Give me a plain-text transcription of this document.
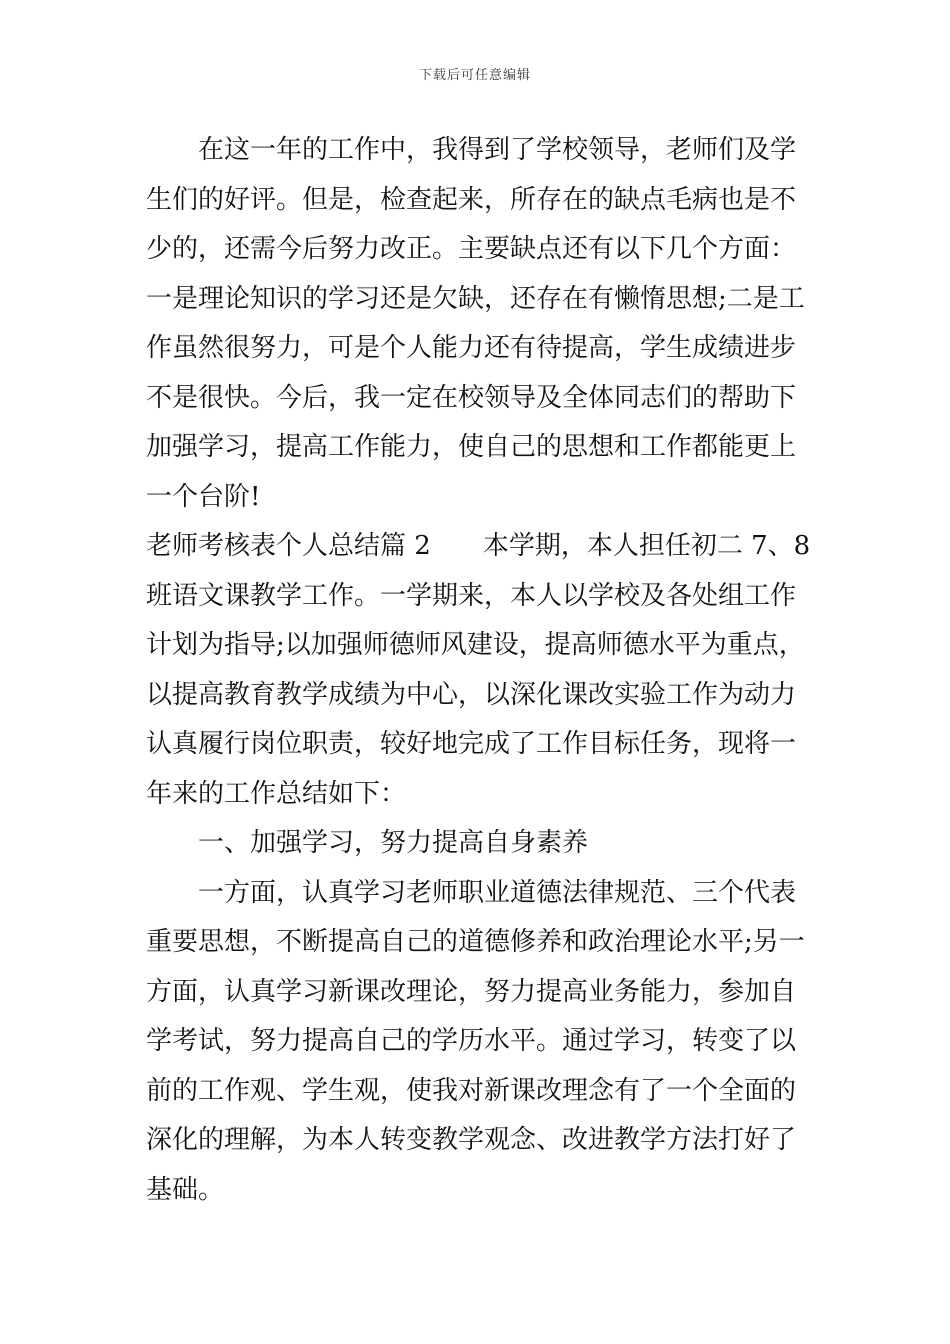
下载后可任意编辑
在这一年的工作中，我得到了学校领导，老师们及学
生们的好评。但是，检查起来，所存在的缺点毛病也是不
少的，还需今后努力改正。主要缺点还有以下几个方面：
一是理论知识的学习还是欠缺，还存在有懒惰思想;二是工
作虽然很努力，可是个人能力还有待提高，学生成绩进步
不是很快。今后，我一定在校领导及全体同志们的帮助下
加强学习，提高工作能力，使自己的思想和工作都能更上
一个台阶!
老师考核表个人总结篇 2 本学期，本人担任初二 7、8
班语文课教学工作。一学期来，本人以学校及各处组工作
计划为指导;以加强师德师风建设，提高师德水平为重点，
以提高教育教学成绩为中心，以深化课改实验工作为动力
认真履行岗位职责，较好地完成了工作目标任务，现将一
年来的工作总结如下：
一、加强学习，努力提高自身素养
一方面，认真学习老师职业道德法律规范、三个代表
重要思想，不断提高自己的道德修养和政治理论水平;另一
方面，认真学习新课改理论，努力提高业务能力，参加自
学考试，努力提高自己的学历水平。通过学习，转变了以
前的工作观、学生观，使我对新课改理念有了一个全面的
深化的理解，为本人转变教学观念、改进教学方法打好了
基础。
